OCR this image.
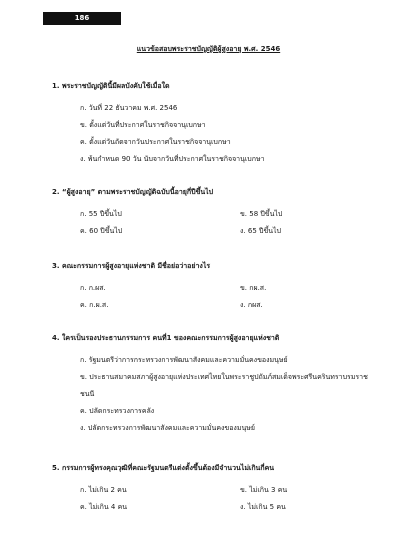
186
แนวข้อสอบพระราชบัญญัติผู้สูงอายุ พ.ศ. 2546
1. พระราชบัญญัตินี้มีผลบังคับใช้เมื่อใด
ก. วันที่ 22 ธันวาคม พ.ศ. 2546
ข. ตั้งแต่วันที่ประกาศในราชกิจจานุเบกษา
ค. ตั้งแต่วันถัดจากวันประกาศในราชกิจจานุเบกษา
ง. พ้นกำหนด 90 วัน นับจากวันที่ประกาศในราชกิจจานุเบกษา
2. “ผู้สูงอายุ” ตามพระราชบัญญัติฉบับนี้อายุกี่ปีขึ้นไป
ก. 55 ปีขึ้นไป	ข. 58 ปีขึ้นไป
ค. 60 ปีขึ้นไป	ง. 65 ปีขึ้นไป
3. คณะกรรมการผู้สูงอายุแห่งชาติ มีชื่อย่อว่าอย่างไร
ก. ก.ผส.	ข. กผ.ส.
ค. ก.ผ.ส.	ง. กผส.
4. ใครเป็นรองประธานกรรมการ คนที่1 ของคณะกรรมการผู้สูงอายุแห่งชาติ
ก. รัฐมนตรีว่าการกระทรวงการพัฒนาสังคมและความมั่นคงของมนุษย์
ข. ประธานสมาคมสภาผู้สูงอายุแห่งประเทศไทยในพระราชูปถัมภ์สมเด็จพระศรีนครินทราบรมราชชนนี
ค. ปลัดกระทรวงการคลัง
ง. ปลัดกระทรวงการพัฒนาสังคมและความมั่นคงของมนุษย์
5. กรรมการผู้ทรงคุณวุฒิที่คณะรัฐมนตรีแต่งตั้งขึ้นต้องมีจำนวนไม่เกินกี่คน
ก. ไม่เกิน 2 คน	ข. ไม่เกิน 3 คน
ค. ไม่เกิน 4 คน	ง. ไม่เกิน 5 คน
